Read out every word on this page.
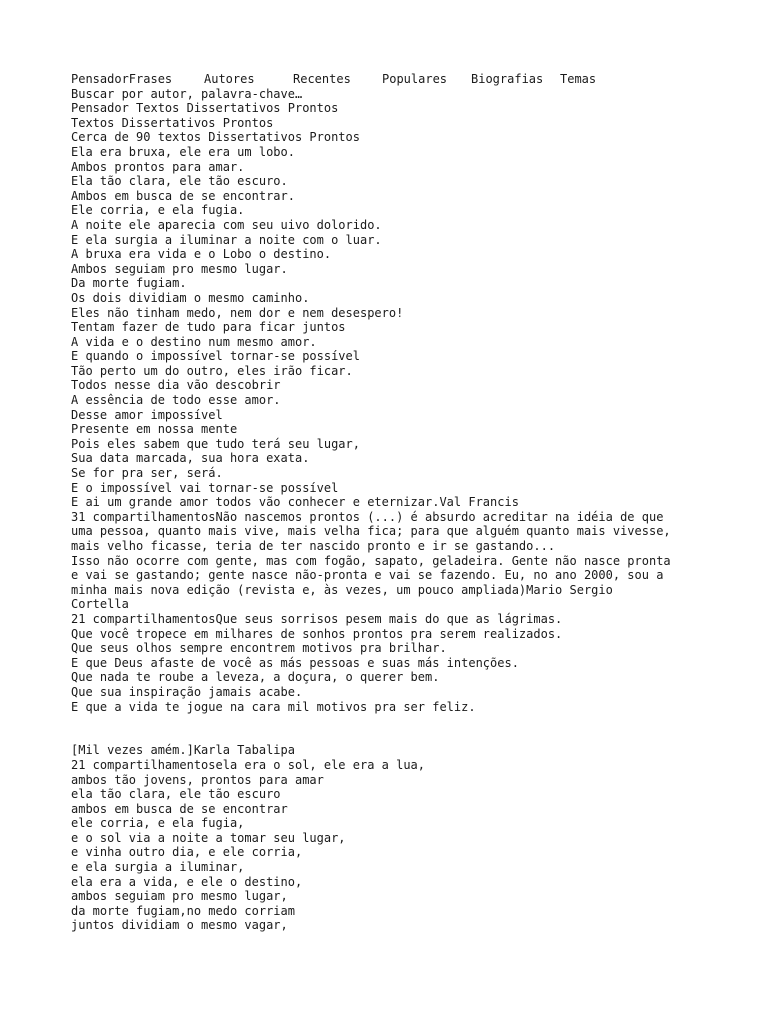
PensadorFrases	Autores	Recentes	Populares	Biografias	Temas
Buscar por autor, palavra-chave…
Pensador Textos Dissertativos Prontos
Textos Dissertativos Prontos
Cerca de 90 textos Dissertativos Prontos
Ela era bruxa, ele era um lobo.
Ambos prontos para amar.
Ela tão clara, ele tão escuro.
Ambos em busca de se encontrar.
Ele corria, e ela fugia.
A noite ele aparecia com seu uivo dolorido.
E ela surgia a iluminar a noite com o luar.
A bruxa era vida e o Lobo o destino.
Ambos seguiam pro mesmo lugar.
Da morte fugiam.
Os dois dividiam o mesmo caminho.
Eles não tinham medo, nem dor e nem desespero!
Tentam fazer de tudo para ficar juntos
A vida e o destino num mesmo amor.
E quando o impossível tornar-se possível
Tão perto um do outro, eles irão ficar.
Todos nesse dia vão descobrir
A essência de todo esse amor.
Desse amor impossível
Presente em nossa mente
Pois eles sabem que tudo terá seu lugar,
Sua data marcada, sua hora exata.
Se for pra ser, será.
E o impossível vai tornar-se possível
E ai um grande amor todos vão conhecer e eternizar.Val Francis
31 compartilhamentosNão nascemos prontos (...) é absurdo acreditar na idéia de que
uma pessoa, quanto mais vive, mais velha fica; para que alguém quanto mais vivesse,
mais velho ficasse, teria de ter nascido pronto e ir se gastando...
Isso não ocorre com gente, mas com fogão, sapato, geladeira. Gente não nasce pronta
e vai se gastando; gente nasce não-pronta e vai se fazendo. Eu, no ano 2000, sou a
minha mais nova edição (revista e, às vezes, um pouco ampliada)Mario Sergio
Cortella
21 compartilhamentosQue seus sorrisos pesem mais do que as lágrimas.
Que você tropece em milhares de sonhos prontos pra serem realizados.
Que seus olhos sempre encontrem motivos pra brilhar.
E que Deus afaste de você as más pessoas e suas más intenções.
Que nada te roube a leveza, a doçura, o querer bem.
Que sua inspiração jamais acabe.
E que a vida te jogue na cara mil motivos pra ser feliz.
[Mil vezes amém.]Karla Tabalipa
21 compartilhamentosela era o sol, ele era a lua,
ambos tão jovens, prontos para amar
ela tão clara, ele tão escuro
ambos em busca de se encontrar
ele corria, e ela fugia,
e o sol via a noite a tomar seu lugar,
e vinha outro dia, e ele corria,
e ela surgia a iluminar,
ela era a vida, e ele o destino,
ambos seguiam pro mesmo lugar,
da morte fugiam,no medo corriam
juntos dividiam o mesmo vagar,
